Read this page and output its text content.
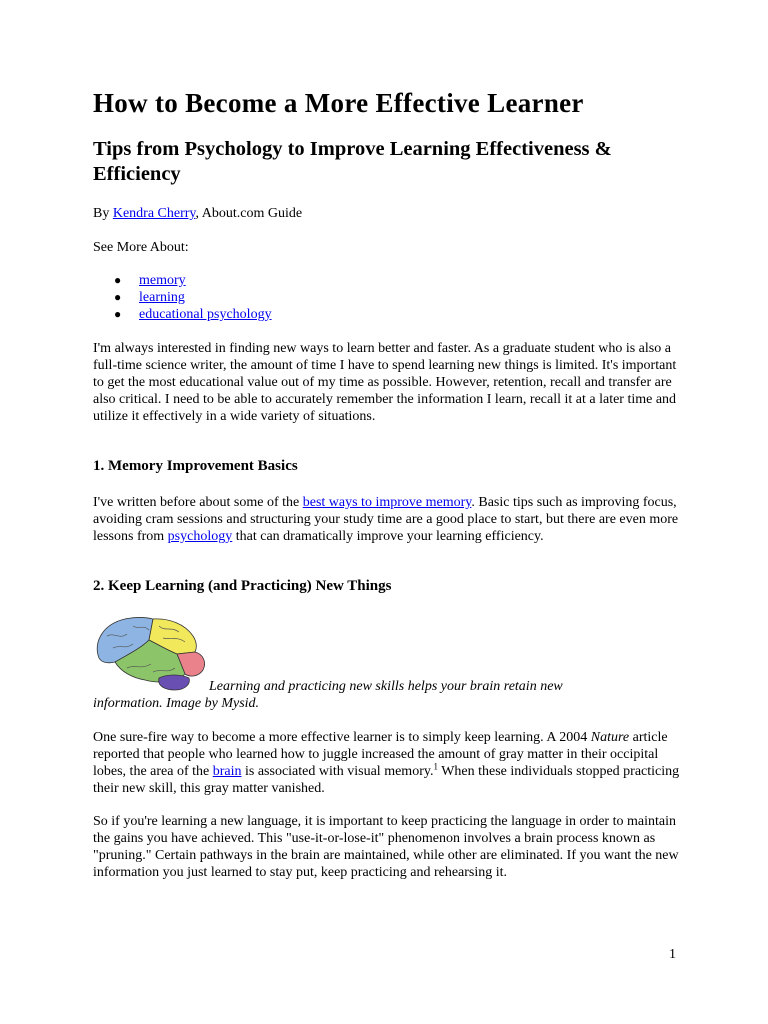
How to Become a More Effective Learner
Tips from Psychology to Improve Learning Effectiveness & Efficiency

By Kendra Cherry, About.com Guide

See More About:

● memory
● learning
● educational psychology

I'm always interested in finding new ways to learn better and faster. As a graduate student who is also a full-time science writer, the amount of time I have to spend learning new things is limited. It's important to get the most educational value out of my time as possible. However, retention, recall and transfer are also critical. I need to be able to accurately remember the information I learn, recall it at a later time and utilize it effectively in a wide variety of situations.

1. Memory Improvement Basics

I've written before about some of the best ways to improve memory. Basic tips such as improving focus, avoiding cram sessions and structuring your study time are a good place to start, but there are even more lessons from psychology that can dramatically improve your learning efficiency.

2. Keep Learning (and Practicing) New Things

Learning and practicing new skills helps your brain retain new

information. Image by Mysid.

One sure-fire way to become a more effective learner is to simply keep learning. A 2004 Nature article reported that people who learned how to juggle increased the amount of gray matter in their occipital lobes, the area of the brain is associated with visual memory.$^1$ When these individuals stopped practicing their new skill, this gray matter vanished.

So if you're learning a new language, it is important to keep practicing the language in order to maintain the gains you have achieved. This "use-it-or-lose-it" phenomenon involves a brain process known as "pruning." Certain pathways in the brain are maintained, while other are eliminated. If you want the new information you just learned to stay put, keep practicing and rehearsing it.

1
